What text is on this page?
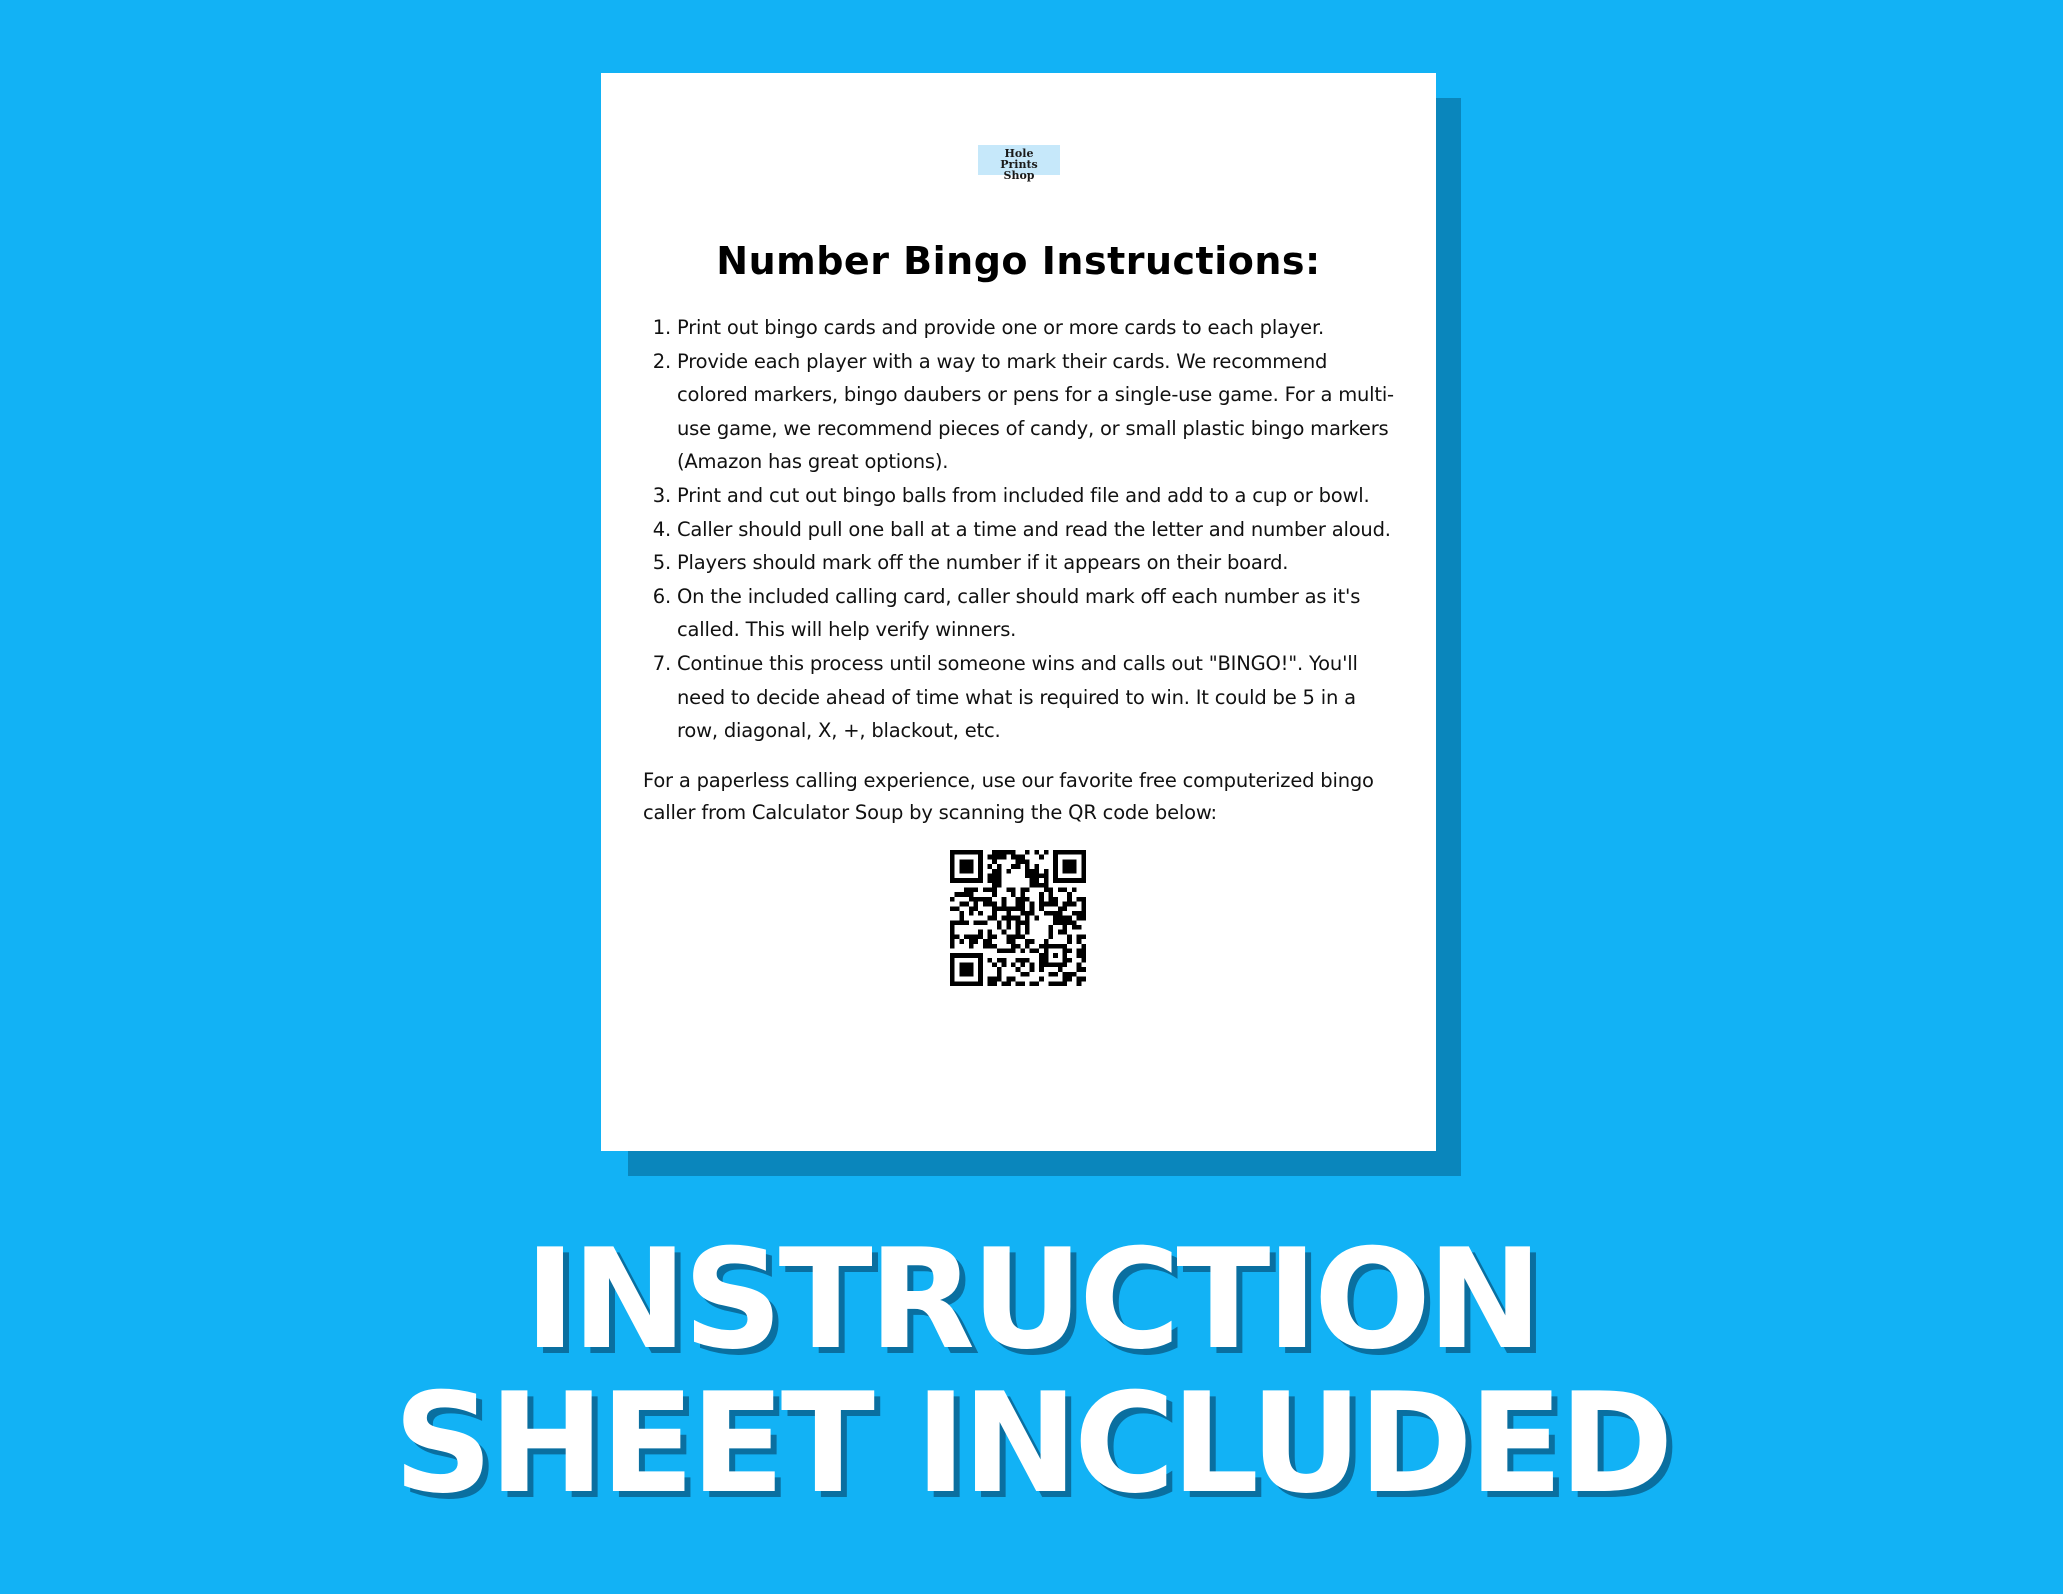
Hole
Prints
Shop
Number Bingo Instructions:
1. Print out bingo cards and provide one or more cards to each player.
2. Provide each player with a way to mark their cards. We recommend colored markers, bingo daubers or pens for a single-use game. For a multi-use game, we recommend pieces of candy, or small plastic bingo markers (Amazon has great options).
3. Print and cut out bingo balls from included file and add to a cup or bowl.
4. Caller should pull one ball at a time and read the letter and number aloud.
5. Players should mark off the number if it appears on their board.
6. On the included calling card, caller should mark off each number as it's called. This will help verify winners.
7. Continue this process until someone wins and calls out "BINGO!". You'll need to decide ahead of time what is required to win. It could be 5 in a row, diagonal, X, +, blackout, etc.
For a paperless calling experience, use our favorite free computerized bingo caller from Calculator Soup by scanning the QR code below:
INSTRUCTION
SHEET INCLUDED
